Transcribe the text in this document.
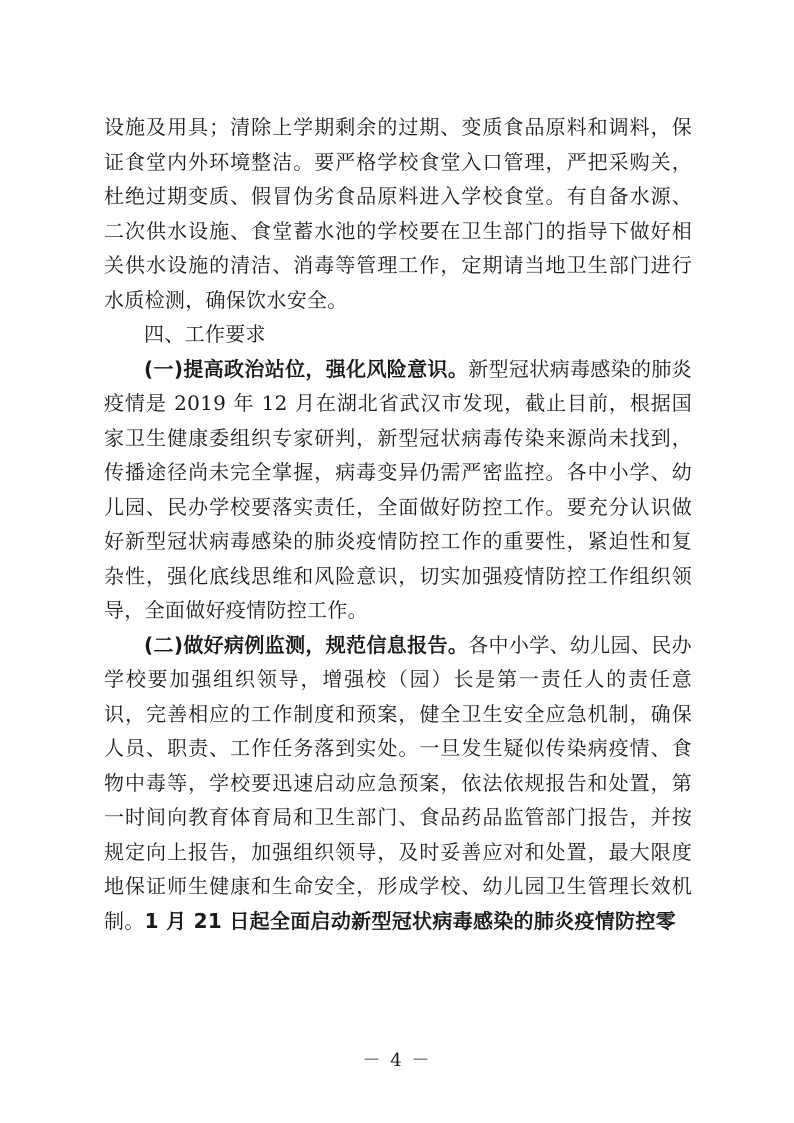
设施及用具；清除上学期剩余的过期、变质食品原料和调料，保证食堂内外环境整洁。要严格学校食堂入口管理，严把采购关，杜绝过期变质、假冒伪劣食品原料进入学校食堂。有自备水源、二次供水设施、食堂蓄水池的学校要在卫生部门的指导下做好相关供水设施的清洁、消毒等管理工作，定期请当地卫生部门进行水质检测，确保饮水安全。

四、工作要求

(一)提高政治站位，强化风险意识。新型冠状病毒感染的肺炎疫情是 2019 年 12 月在湖北省武汉市发现，截止目前，根据国家卫生健康委组织专家研判，新型冠状病毒传染来源尚未找到，传播途径尚未完全掌握，病毒变异仍需严密监控。各中小学、幼儿园、民办学校要落实责任，全面做好防控工作。要充分认识做好新型冠状病毒感染的肺炎疫情防控工作的重要性，紧迫性和复杂性，强化底线思维和风险意识，切实加强疫情防控工作组织领导，全面做好疫情防控工作。

(二)做好病例监测，规范信息报告。各中小学、幼儿园、民办学校要加强组织领导，增强校（园）长是第一责任人的责任意识，完善相应的工作制度和预案，健全卫生安全应急机制，确保人员、职责、工作任务落到实处。一旦发生疑似传染病疫情、食物中毒等，学校要迅速启动应急预案，依法依规报告和处置，第一时间向教育体育局和卫生部门、食品药品监管部门报告，并按规定向上报告，加强组织领导，及时妥善应对和处置，最大限度地保证师生健康和生命安全，形成学校、幼儿园卫生管理长效机制。1 月 21 日起全面启动新型冠状病毒感染的肺炎疫情防控零

－ 4 －
